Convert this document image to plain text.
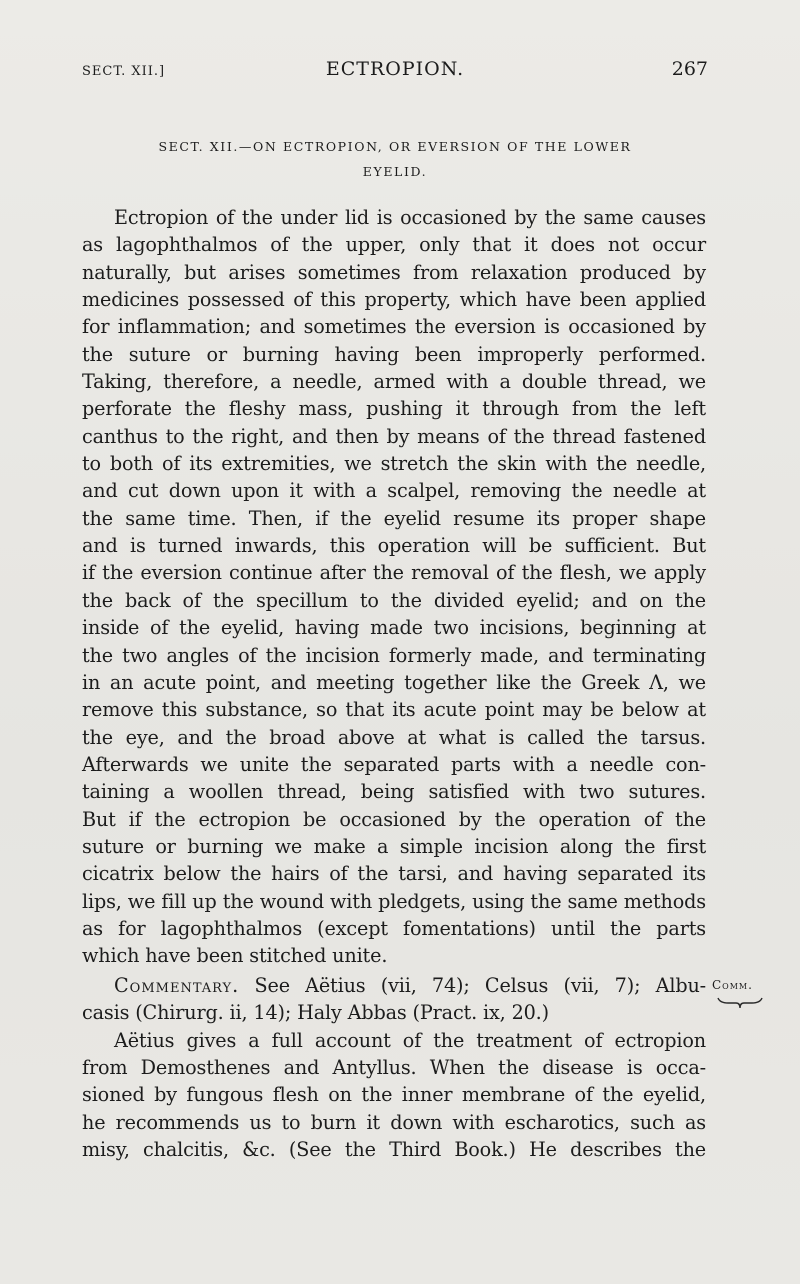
SECT. XII.]	ECTROPION.	267
SECT. XII.—ON ECTROPION, OR EVERSION OF THE LOWER
EYELID.
Ectropion of the under lid is occasioned by the same causes
as lagophthalmos of the upper, only that it does not occur
naturally, but arises sometimes from relaxation produced by
medicines possessed of this property, which have been applied
for inflammation; and sometimes the eversion is occasioned by
the suture or burning having been improperly performed.
Taking, therefore, a needle, armed with a double thread, we
perforate the fleshy mass, pushing it through from the left
canthus to the right, and then by means of the thread fastened
to both of its extremities, we stretch the skin with the needle,
and cut down upon it with a scalpel, removing the needle at
the same time. Then, if the eyelid resume its proper shape
and is turned inwards, this operation will be sufficient. But
if the eversion continue after the removal of the flesh, we apply
the back of the specillum to the divided eyelid; and on the
inside of the eyelid, having made two incisions, beginning at
the two angles of the incision formerly made, and terminating
in an acute point, and meeting together like the Greek Λ, we
remove this substance, so that its acute point may be below at
the eye, and the broad above at what is called the tarsus.
Afterwards we unite the separated parts with a needle con-
taining a woollen thread, being satisfied with two sutures.
But if the ectropion be occasioned by the operation of the
suture or burning we make a simple incision along the first
cicatrix below the hairs of the tarsi, and having separated its
lips, we fill up the wound with pledgets, using the same methods
as for lagophthalmos (except fomentations) until the parts
which have been stitched unite.
Commentary. See Aëtius (vii, 74); Celsus (vii, 7); Albu-
casis (Chirurg. ii, 14); Haly Abbas (Pract. ix, 20.)
Aëtius gives a full account of the treatment of ectropion
from Demosthenes and Antyllus. When the disease is occa-
sioned by fungous flesh on the inner membrane of the eyelid,
he recommends us to burn it down with escharotics, such as
misy, chalcitis, &c. (See the Third Book.) He describes the
Comm.
